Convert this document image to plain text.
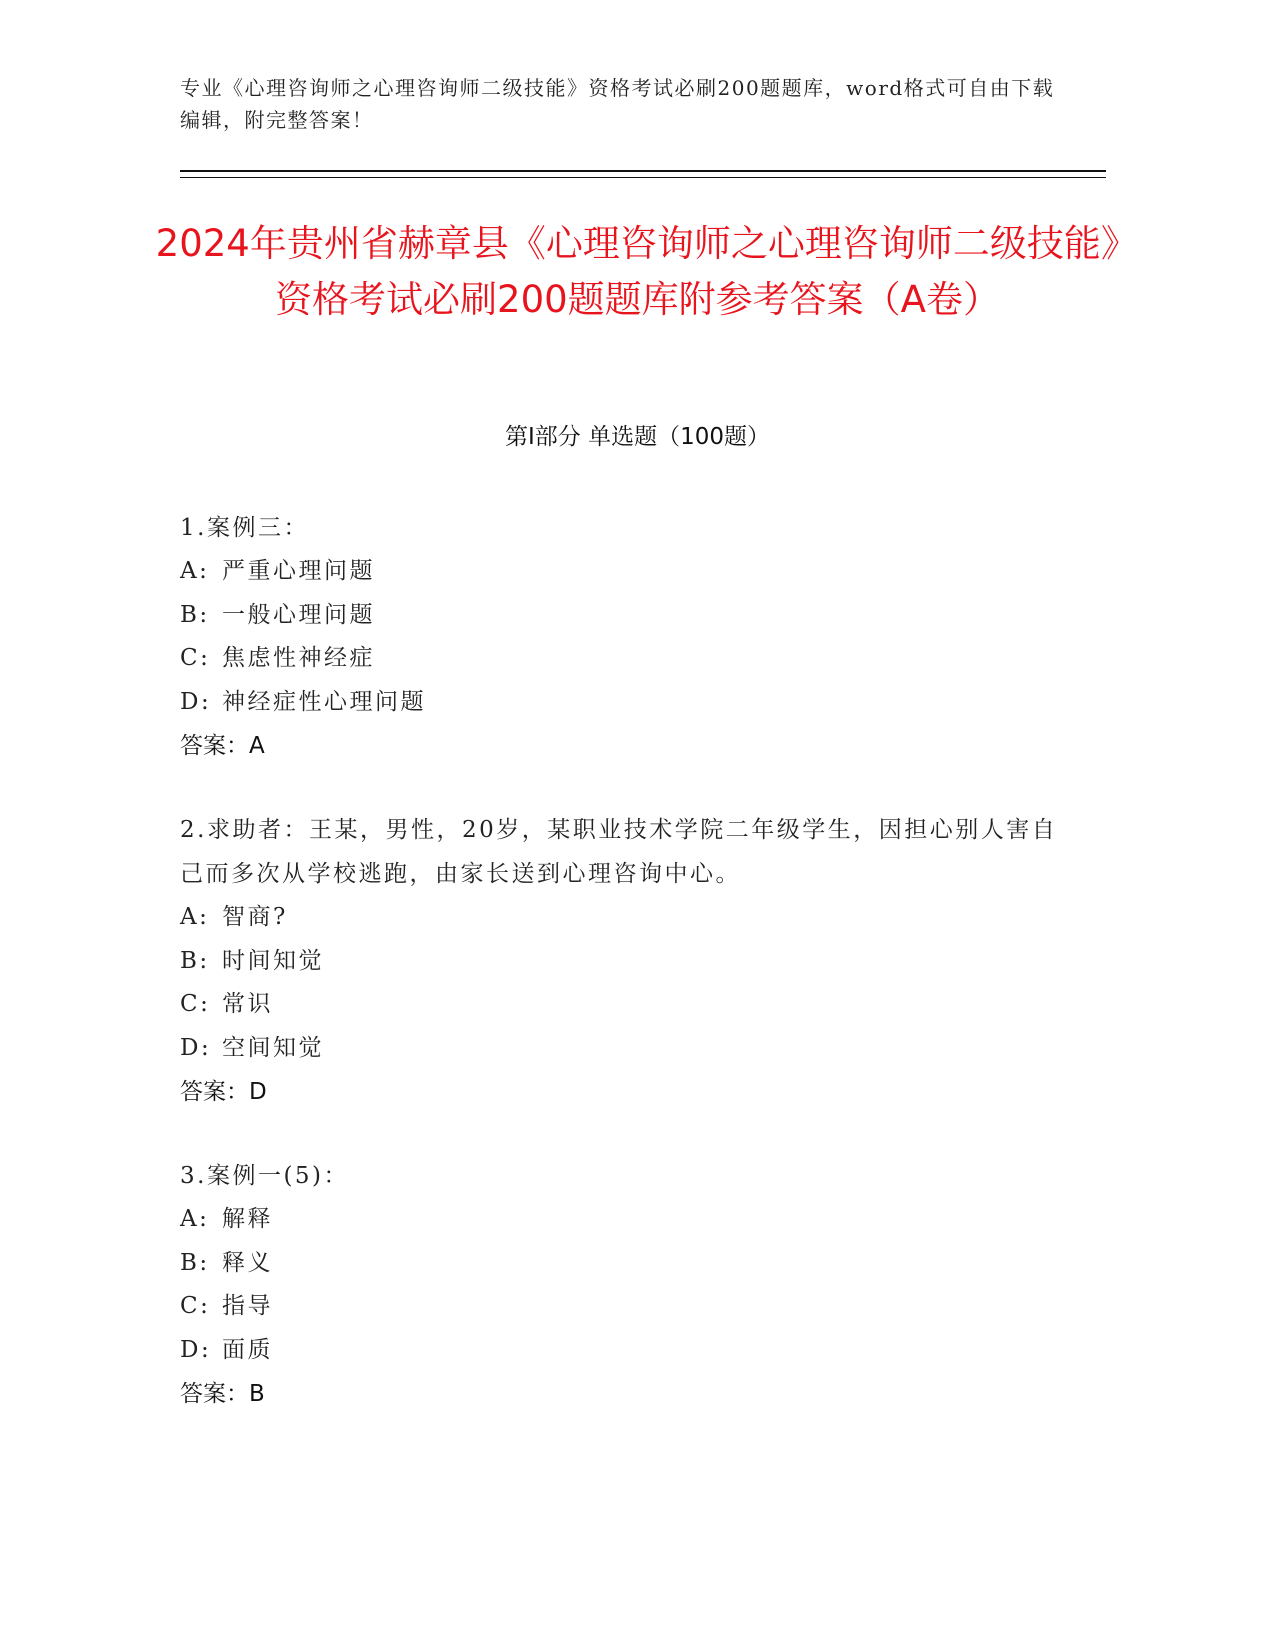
专业《心理咨询师之心理咨询师二级技能》资格考试必刷200题题库，word格式可自由下载编辑，附完整答案！
2024年贵州省赫章县《心理咨询师之心理咨询师二级技能》资格考试必刷200题题库附参考答案（A卷）
第I部分 单选题（100题）
1.案例三：
A: 严重心理问题
B: 一般心理问题
C: 焦虑性神经症
D: 神经症性心理问题
答案：A
2.求助者：王某，男性，20岁，某职业技术学院二年级学生，因担心别人害自己而多次从学校逃跑，由家长送到心理咨询中心。
A: 智商?
B: 时间知觉
C: 常识
D: 空间知觉
答案：D
3.案例一(5)：
A: 解释
B: 释义
C: 指导
D: 面质
答案：B
